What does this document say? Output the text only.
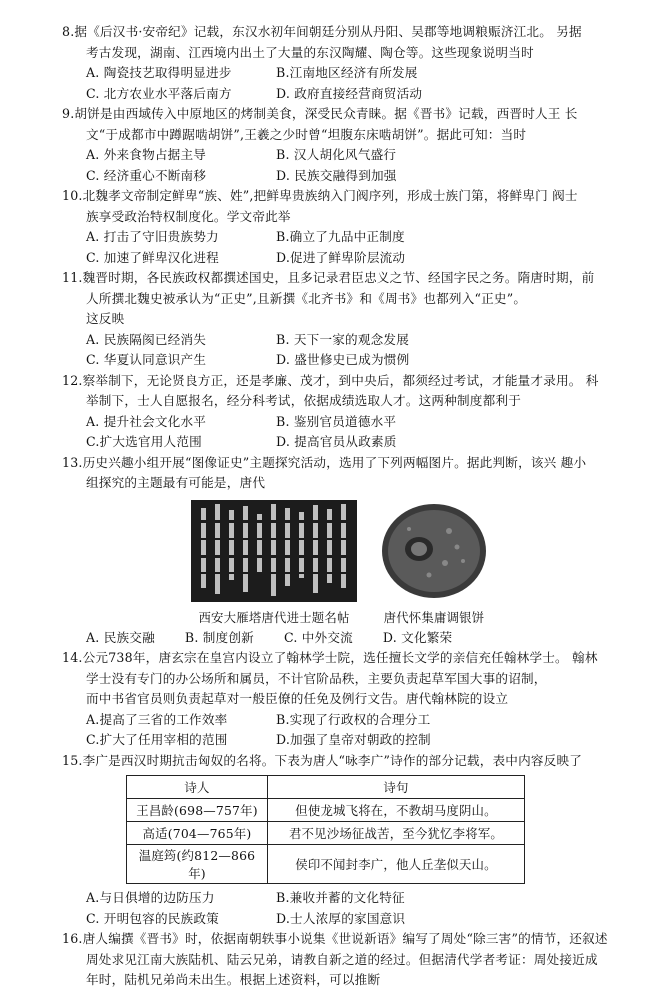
8.据《后汉书·安帝纪》记载，东汉水初年间朝廷分别从丹阳、吴郡等地调粮赈济江北。 另据
考古发现，湖南、江西境内出土了大量的东汉陶耀、陶仓等。这些现象说明当时
A. 陶瓷技艺取得明显进步	B.江南地区经济有所发展
C. 北方农业水平落后南方	D. 政府直接经营商贸活动
9.胡饼是由西域传入中原地区的烤制美食，深受民众青睐。据《晋书》记载，西晋时人王 长
文“于成都市中蹲踞啮胡饼”,王羲之少时曾“坦腹东床啮胡饼”。据此可知：当时
A. 外来食物占据主导	B. 汉人胡化风气盛行
C. 经济重心不断南移	D. 民族交融得到加强
10.北魏孝文帝制定鲜卑“族、姓”,把鲜卑贵族纳入门阀序列，形成士族门第，将鲜卑门 阀士
族享受政治特权制度化。学文帝此举
A. 打击了守旧贵族势力	B.确立了九品中正制度
C. 加速了鲜卑汉化进程	D.促进了鲜卑阶层流动
11.魏晋时期，各民族政权都撰述国史，且多记录君臣忠义之节、经国字民之务。隋唐时期，前
人所撰北魏史被承认为“正史”,且新撰《北齐书》和《周书》也都列入“正史”。
这反映
A. 民族隔阂已经消失	B. 天下一家的观念发展
C. 华夏认同意识产生	D. 盛世修史已成为惯例
12.察举制下，无论贤良方正，还是孝廉、茂才，到中央后，都须经过考试，才能量才录用。 科
举制下，士人自愿报名，经分科考试，依据成绩选取人才。这两种制度都利于
A. 提升社会文化水平	B. 鉴别官员道德水平
C.扩大选官用人范围	D. 提高官员从政素质
13.历史兴趣小组开展“图像证史”主题探究活动，选用了下列两幅图片。据此判断，该兴 趣小
组探究的主题最有可能是，唐代
西安大雁塔唐代进士题名帖	唐代怀集庸调银饼
A. 民族交融 B. 制度创新 C. 中外交流 D. 文化繁荣
14.公元738年，唐玄宗在皇宫内设立了翰林学士院，选任擅长文学的亲信充任翰林学士。 翰林
学士没有专门的办公场所和属员，不计官阶品秩，主要负责起草军国大事的诏制，
而中书省官员则负责起草对一般臣僚的任免及例行文告。唐代翰林院的设立
A.提高了三省的工作效率	B.实现了行政权的合理分工
C.扩大了任用宰相的范围	D.加强了皇帝对朝政的控制
15.李广是西汉时期抗击匈奴的名将。下表为唐人“咏李广”诗作的部分记载，表中内容反映了
诗人	诗句
王昌龄(698—757年)	但使龙城飞将在，不教胡马度阴山。
高适(704—765年)	君不见沙场征战苦，至今犹忆李将军。
温庭筠(约812—866年)	侯印不闻封李广，他人丘垄似天山。
A.与日俱增的边防压力	B.兼收并蓄的文化特征
C. 开明包容的民族政策	D.士人浓厚的家国意识
16.唐人编撰《晋书》时，依据南朝轶事小说集《世说新语》编写了周处“除三害”的情节，还叙述
周处求见江南大族陆机、陆云兄弟，请教自新之道的经过。但据清代学者考证：周处接近成
年时，陆机兄弟尚未出生。根据上述资料，可以推断
